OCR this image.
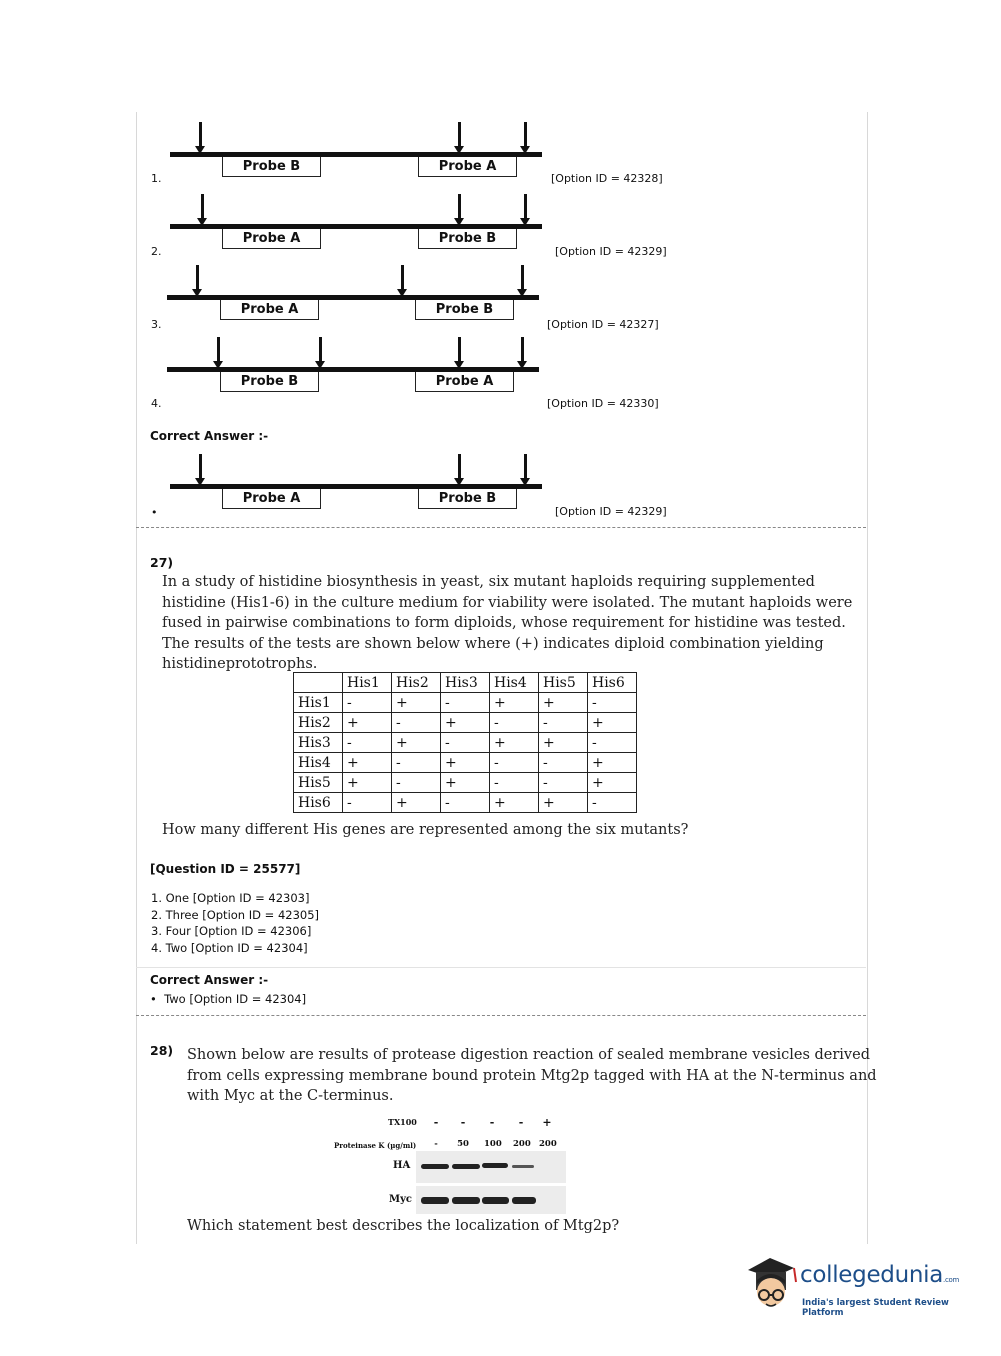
Probe B	Probe A
1.	[Option ID = 42328]
Probe A	Probe B
2.	[Option ID = 42329]
Probe A	Probe B
3.	[Option ID = 42327]
Probe B	Probe A
4.	[Option ID = 42330]
Correct Answer :-
Probe A	Probe B
•	[Option ID = 42329]
27)
In a study of histidine biosynthesis in yeast, six mutant haploids requiring supplemented
histidine (His1-6) in the culture medium for viability were isolated. The mutant haploids were
fused in pairwise combinations to form diploids, whose requirement for histidine was tested.
The results of the tests are shown below where (+) indicates diploid combination yielding
histidineprototrophs.
	His1	His2	His3	His4	His5	His6
His1	-	+	-	+	+	-
His2	+	-	+	-	-	+
His3	-	+	-	+	+	-
His4	+	-	+	-	-	+
His5	+	-	+	-	-	+
His6	-	+	-	+	+	-
How many different His genes are represented among the six mutants?
[Question ID = 25577]
1. One [Option ID = 42303]
2. Three [Option ID = 42305]
3. Four [Option ID = 42306]
4. Two [Option ID = 42304]
Correct Answer :-
• Two [Option ID = 42304]
28) Shown below are results of protease digestion reaction of sealed membrane vesicles derived
from cells expressing membrane bound protein Mtg2p tagged with HA at the N-terminus and
with Myc at the C-terminus.
TX100	-	-	-	-	+
Proteinase K (µg/ml)	-	50 100 200 200
HA
Myc
Which statement best describes the localization of Mtg2p?
collegedunia.com
India's largest Student Review Platform
